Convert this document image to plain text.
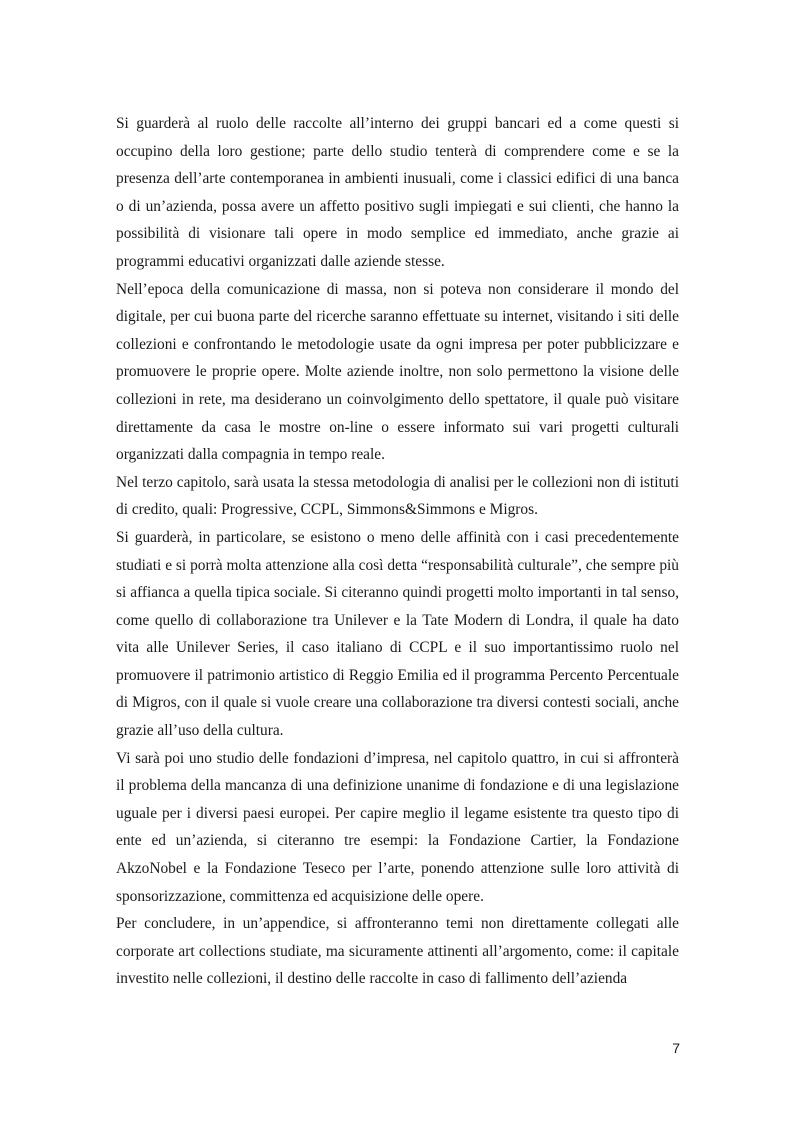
Si guarderà al ruolo delle raccolte all’interno dei gruppi bancari ed a come questi si occupino della loro gestione; parte dello studio tenterà di comprendere come e se la presenza dell’arte contemporanea in ambienti inusuali, come i classici edifici di una banca o di un’azienda, possa avere un affetto positivo sugli impiegati e sui clienti, che hanno la possibilità di visionare tali opere in modo semplice ed immediato, anche grazie ai programmi educativi organizzati dalle aziende stesse.

Nell’epoca della comunicazione di massa, non si poteva non considerare il mondo del digitale, per cui buona parte del ricerche saranno effettuate su internet, visitando i siti delle collezioni e confrontando le metodologie usate da ogni impresa per poter pubblicizzare e promuovere le proprie opere. Molte aziende inoltre, non solo permettono la visione delle collezioni in rete, ma desiderano un coinvolgimento dello spettatore, il quale può visitare direttamente da casa le mostre on-line o essere informato sui vari progetti culturali organizzati dalla compagnia in tempo reale.

Nel terzo capitolo, sarà usata la stessa metodologia di analisi per le collezioni non di istituti di credito, quali: Progressive, CCPL, Simmons&Simmons e Migros.

Si guarderà, in particolare, se esistono o meno delle affinità con i casi precedentemente studiati e si porrà molta attenzione alla così detta “responsabilità culturale”, che sempre più si affianca a quella tipica sociale. Si citeranno quindi progetti molto importanti in tal senso, come quello di collaborazione tra Unilever e la Tate Modern di Londra, il quale ha dato vita alle Unilever Series, il caso italiano di CCPL e il suo importantissimo ruolo nel promuovere il patrimonio artistico di Reggio Emilia ed il programma Percento Percentuale di Migros, con il quale si vuole creare una collaborazione tra diversi contesti sociali, anche grazie all’uso della cultura.

Vi sarà poi uno studio delle fondazioni d’impresa, nel capitolo quattro, in cui si affronterà il problema della mancanza di una definizione unanime di fondazione e di una legislazione uguale per i diversi paesi europei. Per capire meglio il legame esistente tra questo tipo di ente ed un’azienda, si citeranno tre esempi: la Fondazione Cartier, la Fondazione AkzoNobel e la Fondazione Teseco per l’arte, ponendo attenzione sulle loro attività di sponsorizzazione, committenza ed acquisizione delle opere.

Per concludere, in un’appendice, si affronteranno temi non direttamente collegati alle corporate art collections studiate, ma sicuramente attinenti all’argomento, come: il capitale investito nelle collezioni, il destino delle raccolte in caso di fallimento dell’azienda

7
